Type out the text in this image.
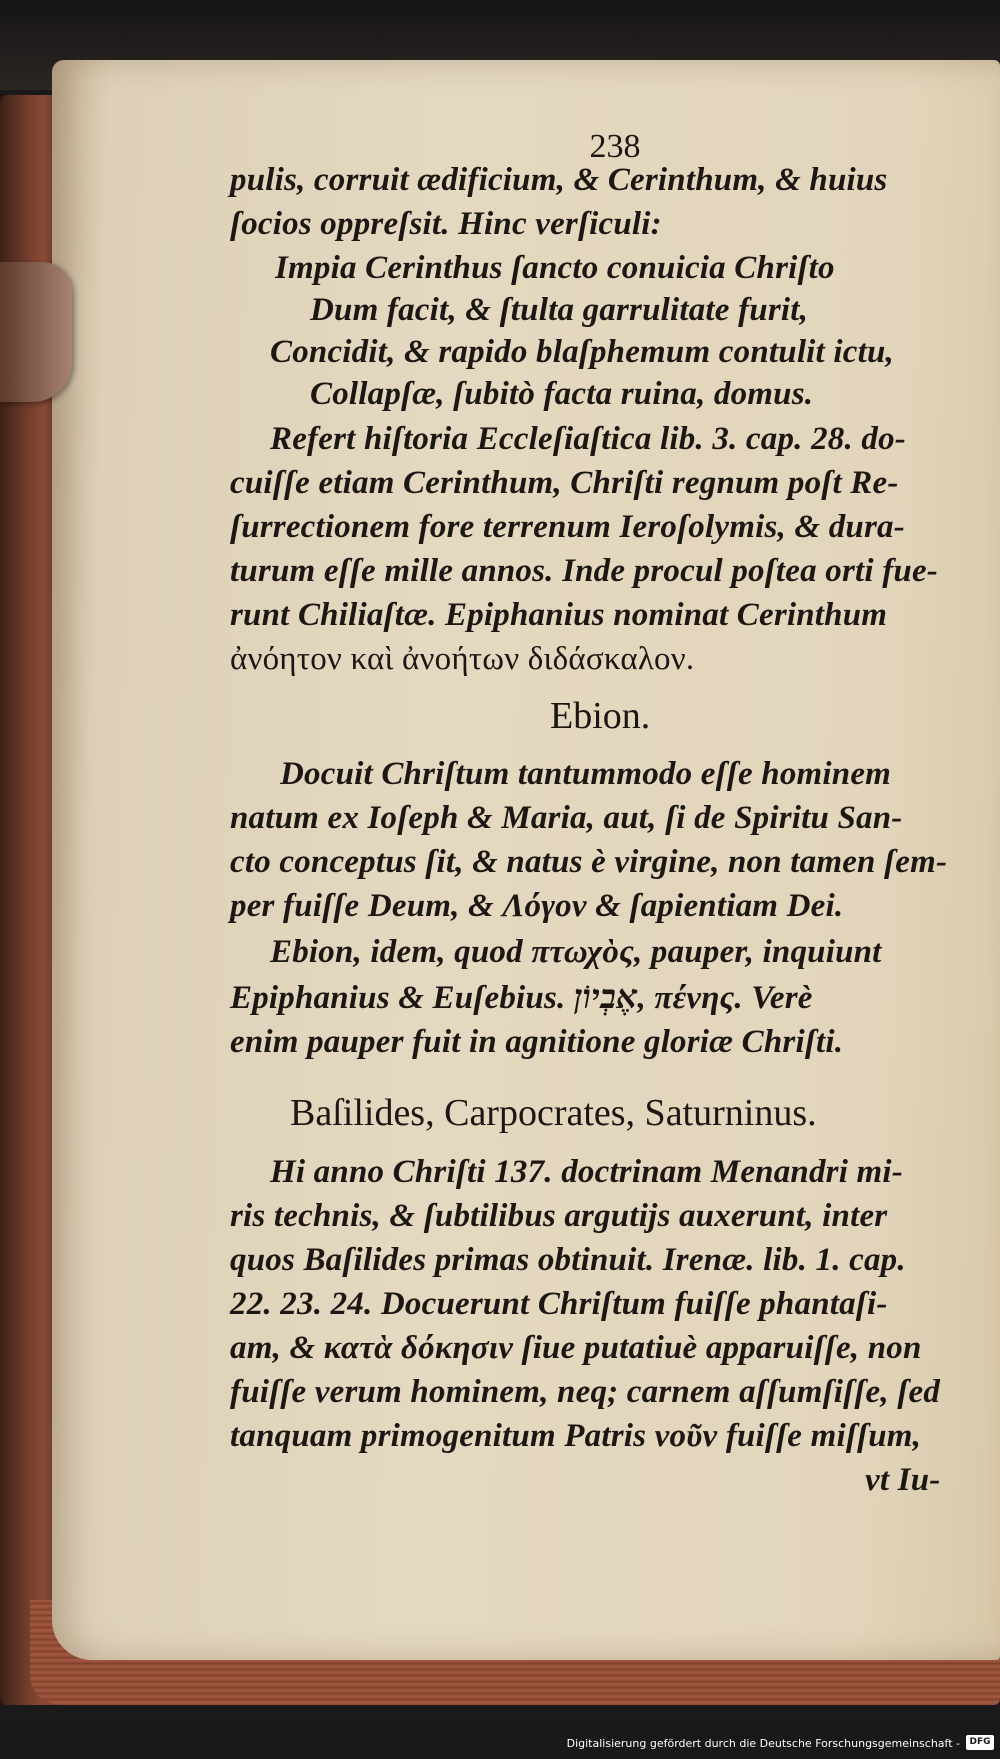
238
pulis, corruit ædificium, & Cerinthum, & huius
ſocios oppreſsit. Hinc verſiculi:
Impia Cerinthus ſancto conuicia Chriſto
Dum facit, & ſtulta garrulitate furit,
Concidit, & rapido blaſphemum contulit ictu,
Collapſæ, ſubitò facta ruina, domus.
Refert hiſtoria Eccleſiaſtica lib. 3. cap. 28. do-
cuiſſe etiam Cerinthum, Chriſti regnum poſt Re-
ſurrectionem fore terrenum Ieroſolymis, & dura-
turum eſſe mille annos. Inde procul poſtea orti fue-
runt Chiliaſtæ. Epiphanius nominat Cerinthum
ἀνόητον καὶ ἀνοήτων διδάσκαλον.
Ebion.
Docuit Chriſtum tantummodo eſſe hominem
natum ex Ioſeph & Maria, aut, ſi de Spiritu San-
cto conceptus ſit, & natus è virgine, non tamen ſem-
per fuiſſe Deum, & Λόγον & ſapientiam Dei.
Ebion, idem, quod πτωχὸς, pauper, inquiunt
Epiphanius & Euſebius. אֶבְיוֹן, πένης. Verè
enim pauper fuit in agnitione gloriæ Chriſti.
Baſilides, Carpocrates, Saturninus.
Hi anno Chriſti 137. doctrinam Menandri mi-
ris technis, & ſubtilibus argutijs auxerunt, inter
quos Baſilides primas obtinuit. Irenæ. lib. 1. cap.
22. 23. 24. Docuerunt Chriſtum fuiſſe phantaſi-
am, & κατὰ δόκησιν ſiue putatiuè apparuiſſe, non
fuiſſe verum hominem, neq; carnem aſſumſiſſe, ſed
tanquam primogenitum Patris νοῦν fuiſſe miſſum,
vt Iu-
Digitalisierung gefördert durch die Deutsche Forschungsgemeinschaft -	DFG
